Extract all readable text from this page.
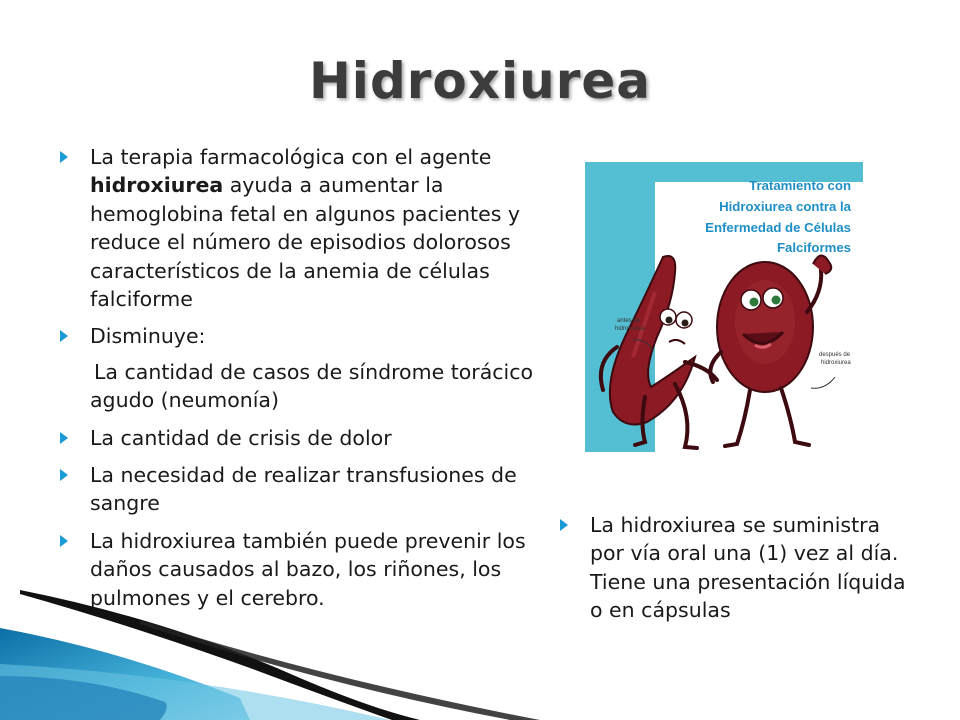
Hidroxiurea
La terapia farmacológica con el agente hidroxiurea ayuda a aumentar la hemoglobina fetal en algunos pacientes y reduce el número de episodios dolorosos característicos de la anemia de células falciforme
Disminuye:
La cantidad de casos de síndrome torácico agudo (neumonía)
La cantidad de crisis de dolor
La necesidad de realizar transfusiones de sangre
La hidroxiurea también puede prevenir los daños causados al bazo, los riñones, los pulmones y el cerebro.
antes de
hidroxiurea
después de
hidroxiurea
Tratamiento con
Hidroxiurea contra la
Enfermedad de Células
Falciformes
La hidroxiurea se suministra por vía oral una (1) vez al día. Tiene una presentación líquida o en cápsulas
